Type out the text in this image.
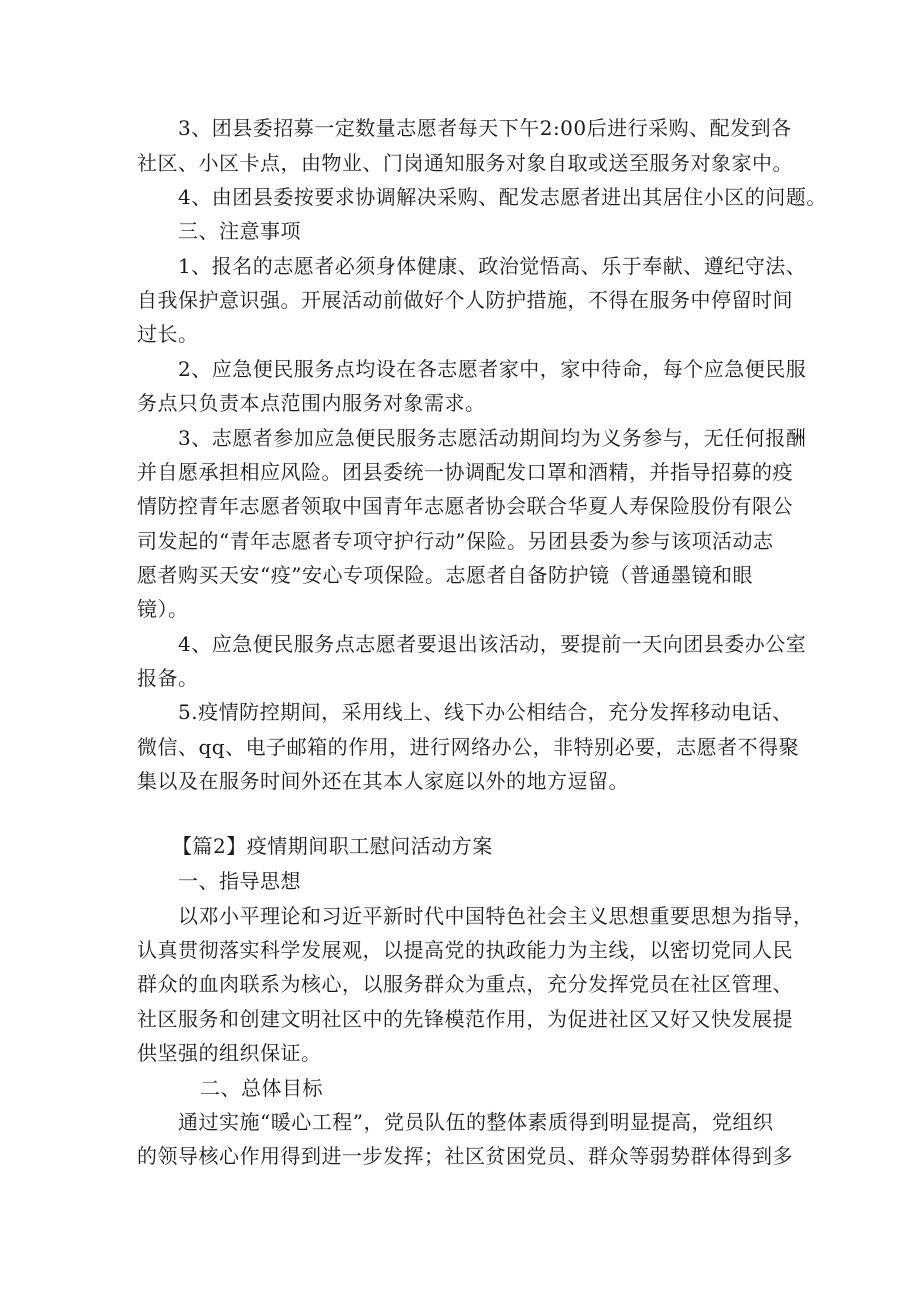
3、团县委招募一定数量志愿者每天下午2:00后进行采购、配发到各
社区、小区卡点，由物业、门岗通知服务对象自取或送至服务对象家中。
4、由团县委按要求协调解决采购、配发志愿者进出其居住小区的问题。
三、注意事项
1、报名的志愿者必须身体健康、政治觉悟高、乐于奉献、遵纪守法、
自我保护意识强。开展活动前做好个人防护措施，不得在服务中停留时间
过长。
2、应急便民服务点均设在各志愿者家中，家中待命，每个应急便民服
务点只负责本点范围内服务对象需求。
3、志愿者参加应急便民服务志愿活动期间均为义务参与，无任何报酬
并自愿承担相应风险。团县委统一协调配发口罩和酒精，并指导招募的疫
情防控青年志愿者领取中国青年志愿者协会联合华夏人寿保险股份有限公
司发起的“青年志愿者专项守护行动”保险。另团县委为参与该项活动志
愿者购买天安“疫”安心专项保险。志愿者自备防护镜（普通墨镜和眼
镜）。
4、应急便民服务点志愿者要退出该活动，要提前一天向团县委办公室
报备。
5.疫情防控期间，采用线上、线下办公相结合，充分发挥移动电话、
微信、qq、电子邮箱的作用，进行网络办公，非特别必要，志愿者不得聚
集以及在服务时间外还在其本人家庭以外的地方逗留。
【篇2】疫情期间职工慰问活动方案
一、指导思想
以邓小平理论和习近平新时代中国特色社会主义思想重要思想为指导，
认真贯彻落实科学发展观，以提高党的执政能力为主线，以密切党同人民
群众的血肉联系为核心，以服务群众为重点，充分发挥党员在社区管理、
社区服务和创建文明社区中的先锋模范作用，为促进社区又好又快发展提
供坚强的组织保证。
二、总体目标
通过实施“暖心工程”，党员队伍的整体素质得到明显提高，党组织
的领导核心作用得到进一步发挥；社区贫困党员、群众等弱势群体得到多
